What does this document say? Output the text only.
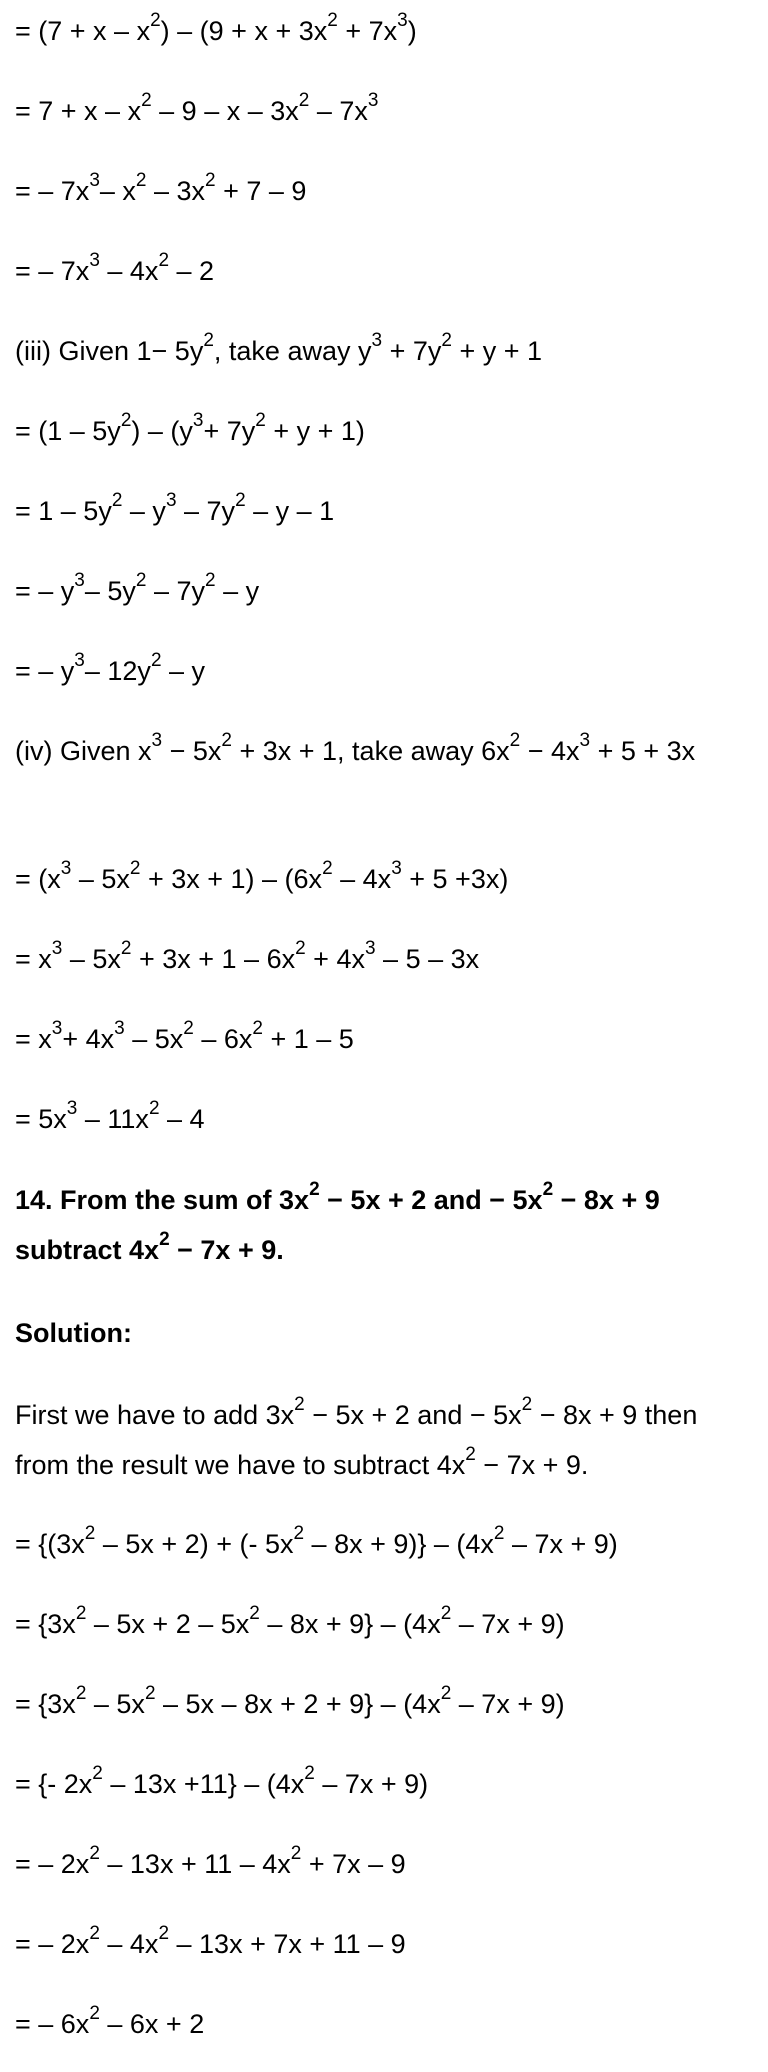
= $(7 + x - x^2) - (9 + x + 3x^2 + 7x^3)$
= $7 + x - x^2 - 9 - x - 3x^2 - 7x^3$
= – $7x^3-$ $x^2 - 3x^2 + 7 - 9$
= – $7x^3 - 4x^2 - 2$
(iii) Given $1- 5y^2$, take away $y^3 + 7y^2 + y + 1$
= $(1 - 5y^2) - (y^3+ 7y^2 + y + 1)$
= $1 - 5y^2 - y^3 - 7y^2$ – y – 1
= – $y^3-$ $5y^2 - 7y^2$ – y
= – $y^3-$ $12y^2$ – y
(iv) Given $x^3 - 5x^2 + 3x + 1$, take away $6x^2 - 4x^3 + 5 + 3x$
= $(x^3 - 5x^2 + 3x + 1) - (6x^2 - 4x^3 + 5 +3x)$
= $x^3 - 5x^2 + 3x + 1 - 6x^2 + 4x^3 - 5 - 3x$
= $x^3+ 4x^3 - 5x^2 - 6x^2 + 1 - 5$
= $5x^3 - 11x^2 - 4$
14. From the sum of $3x^2 - 5x + 2$ and − $5x^2 - 8x + 9$ subtract $4x^2 - 7x + 9$.
Solution:
First we have to add $3x^2 - 5x + 2$ and − $5x^2 - 8x + 9$ then from the result we have to subtract $4x^2 - 7x + 9$.
= {$(3x^2 - 5x + 2)$ + (- $5x^2 - 8x + 9)\} - (4x^2 - 7x + 9)$
= $\{3x^2 - 5x + 2 - 5x^2 - 8x + 9\} - (4x^2 - 7x + 9)$
= $\{3x^2 - 5x^2 - 5x - 8x + 2 + 9\} - (4x^2 - 7x + 9)$
= {- $2x^2 - 13x +11\} - (4x^2 - 7x + 9)$
= – $2x^2 - 13x + 11 - 4x^2 + 7x - 9$
= – $2x^2 - 4x^2 - 13x + 7x + 11 - 9$
= – $6x^2 - 6x + 2$
